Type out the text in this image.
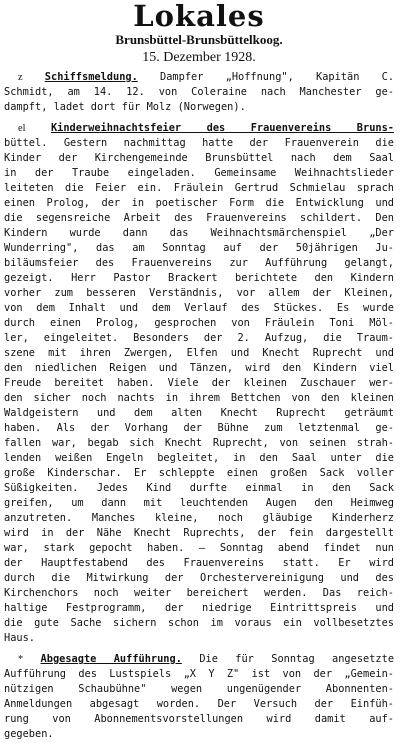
Lokales
Brunsbüttel-Brunsbüttelkoog.
15. Dezember 1928.
z Schiffsmeldung. Dampfer „Hoffnung", Kapitän C.
Schmidt, am 14. 12. von Coleraine nach Manchester ge-
dampft, ladet dort für Molz (Norwegen).
el Kinderweihnachtsfeier des Frauenvereins Bruns-
büttel. Gestern nachmittag hatte der Frauenverein die
Kinder der Kirchengemeinde Brunsbüttel nach dem Saal
in der Traube eingeladen. Gemeinsame Weihnachtslieder
leiteten die Feier ein. Fräulein Gertrud Schmielau sprach
einen Prolog, der in poetischer Form die Entwicklung und
die segensreiche Arbeit des Frauenvereins schildert. Den
Kindern wurde dann das Weihnachtsmärchenspiel „Der
Wunderring", das am Sonntag auf der 50jährigen Ju-
biläumsfeier des Frauenvereins zur Aufführung gelangt,
gezeigt. Herr Pastor Brackert berichtete den Kindern
vorher zum besseren Verständnis, vor allem der Kleinen,
von dem Inhalt und dem Verlauf des Stückes. Es wurde
durch einen Prolog, gesprochen von Fräulein Toni Möl-
ler, eingeleitet. Besonders der 2. Aufzug, die Traum-
szene mit ihren Zwergen, Elfen und Knecht Ruprecht und
den niedlichen Reigen und Tänzen, wird den Kindern viel
Freude bereitet haben. Viele der kleinen Zuschauer wer-
den sicher noch nachts in ihrem Bettchen von den kleinen
Waldgeistern und dem alten Knecht Ruprecht geträumt
haben. Als der Vorhang der Bühne zum letztenmal ge-
fallen war, begab sich Knecht Ruprecht, von seinen strah-
lenden weißen Engeln begleitet, in den Saal unter die
große Kinderschar. Er schleppte einen großen Sack voller
Süßigkeiten. Jedes Kind durfte einmal in den Sack
greifen, um dann mit leuchtenden Augen den Heimweg
anzutreten. Manches kleine, noch gläubige Kinderherz
wird in der Nähe Knecht Ruprechts, der fein dargestellt
war, stark gepocht haben. — Sonntag abend findet nun
der Hauptfestabend des Frauenvereins statt. Er wird
durch die Mitwirkung der Orchestervereinigung und des
Kirchenchors noch weiter bereichert werden. Das reich-
haltige Festprogramm, der niedrige Eintrittspreis und
die gute Sache sichern schon im voraus ein vollbesetztes
Haus.
* Abgesagte Aufführung. Die für Sonntag angesetzte
Aufführung des Lustspiels „X Y Z" ist von der „Gemein-
nützigen Schaubühne" wegen ungenügender Abonnenten-
Anmeldungen abgesagt worden. Der Versuch der Einfüh-
rung von Abonnementsvorstellungen wird damit auf-
gegeben.
